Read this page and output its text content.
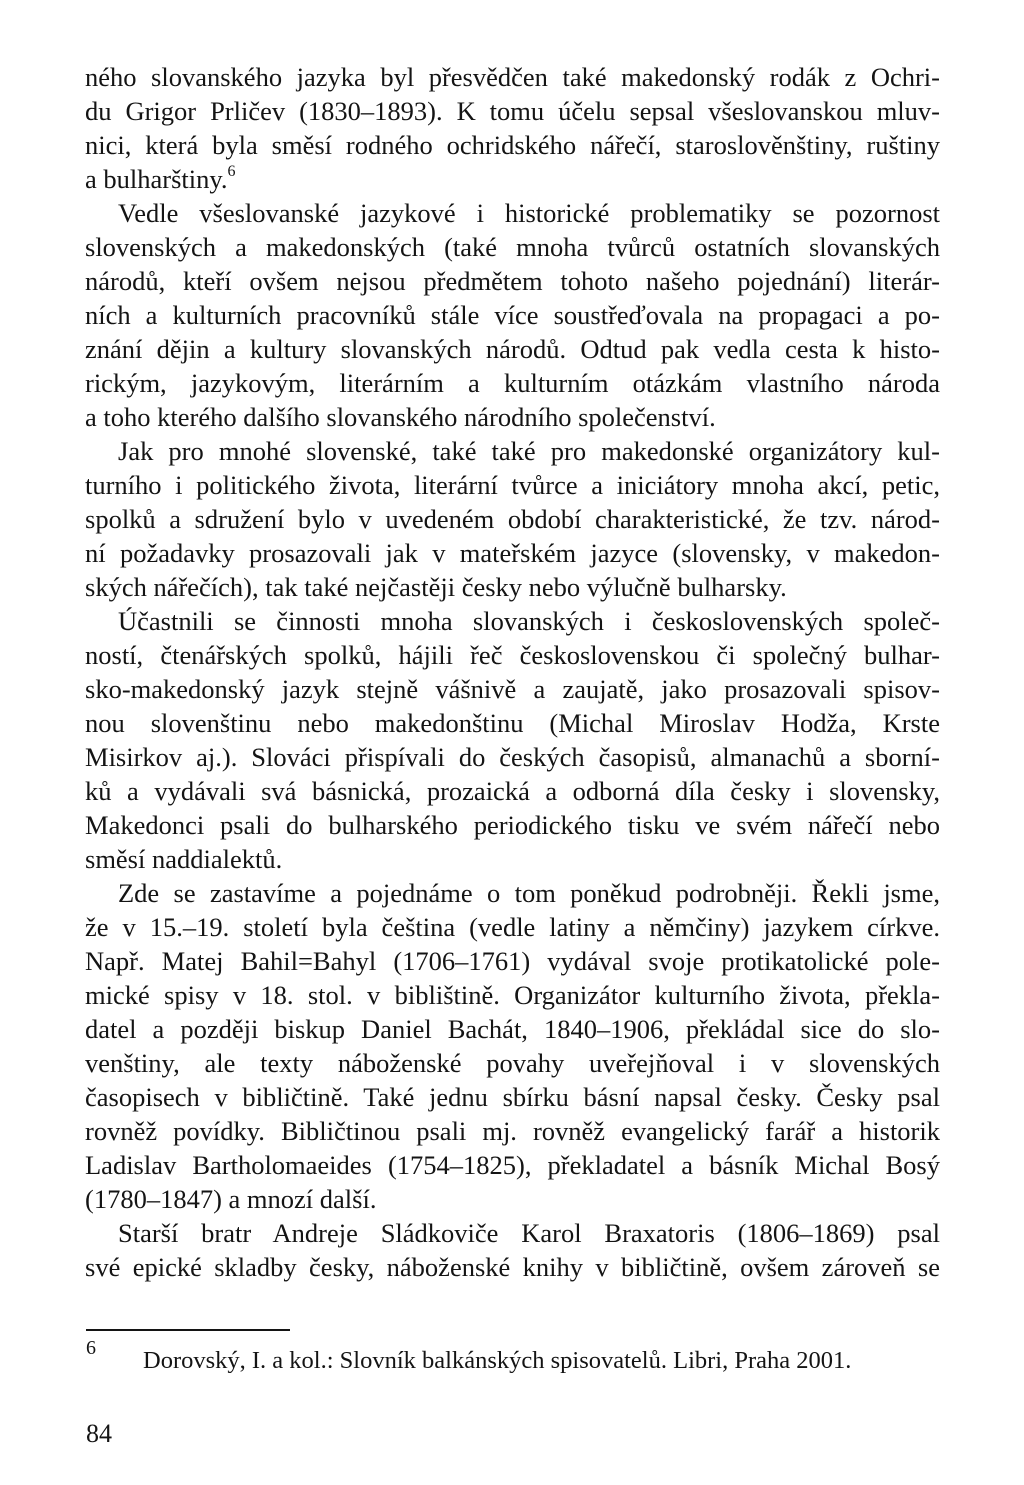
ného slovanského jazyka byl přesvědčen také makedonský rodák z Ochri-
du Grigor Prličev (1830–1893). K tomu účelu sepsal všeslovanskou mluv-
nici, která byla směsí rodného ochridského nářečí, staroslověnštiny, ruštiny
a bulharštiny.$^6$
Vedle všeslovanské jazykové i historické problematiky se pozornost
slovenských a makedonských (také mnoha tvůrců ostatních slovanských
národů, kteří ovšem nejsou předmětem tohoto našeho pojednání) literár-
ních a kulturních pracovníků stále více soustřeďovala na propagaci a po-
znání dějin a kultury slovanských národů. Odtud pak vedla cesta k histo-
rickým, jazykovým, literárním a kulturním otázkám vlastního národa
a toho kterého dalšího slovanského národního společenství.
Jak pro mnohé slovenské, také také pro makedonské organizátory kul-
turního i politického života, literární tvůrce a iniciátory mnoha akcí, petic,
spolků a sdružení bylo v uvedeném období charakteristické, že tzv. národ-
ní požadavky prosazovali jak v mateřském jazyce (slovensky, v makedon-
ských nářečích), tak také nejčastěji česky nebo výlučně bulharsky.
Účastnili se činnosti mnoha slovanských i československých společ-
ností, čtenářských spolků, hájili řeč československou či společný bulhar-
sko-makedonský jazyk stejně vášnivě a zaujatě, jako prosazovali spisov-
nou slovenštinu nebo makedonštinu (Michal Miroslav Hodža, Krste
Misirkov aj.). Slováci přispívali do českých časopisů, almanachů a sborní-
ků a vydávali svá básnická, prozaická a odborná díla česky i slovensky,
Makedonci psali do bulharského periodického tisku ve svém nářečí nebo
směsí naddialektů.
Zde se zastavíme a pojednáme o tom poněkud podrobněji. Řekli jsme,
že v 15.–19. století byla čeština (vedle latiny a němčiny) jazykem církve.
Např. Matej Bahil=Bahyl (1706–1761) vydával svoje protikatolické pole-
mické spisy v 18. stol. v biblištině. Organizátor kulturního života, překla-
datel a později biskup Daniel Bachát, 1840–1906, překládal sice do slo-
venštiny, ale texty náboženské povahy uveřejňoval i v slovenských
časopisech v bibličtině. Také jednu sbírku básní napsal česky. Česky psal
rovněž povídky. Bibličtinou psali mj. rovněž evangelický farář a historik
Ladislav Bartholomaeides (1754–1825), překladatel a básník Michal Bosý
(1780–1847) a mnozí další.
Starší bratr Andreje Sládkoviče Karol Braxatoris (1806–1869) psal
své epické skladby česky, náboženské knihy v bibličtině, ovšem zároveň se
6 Dorovský, I. a kol.: Slovník balkánských spisovatelů. Libri, Praha 2001.
84
